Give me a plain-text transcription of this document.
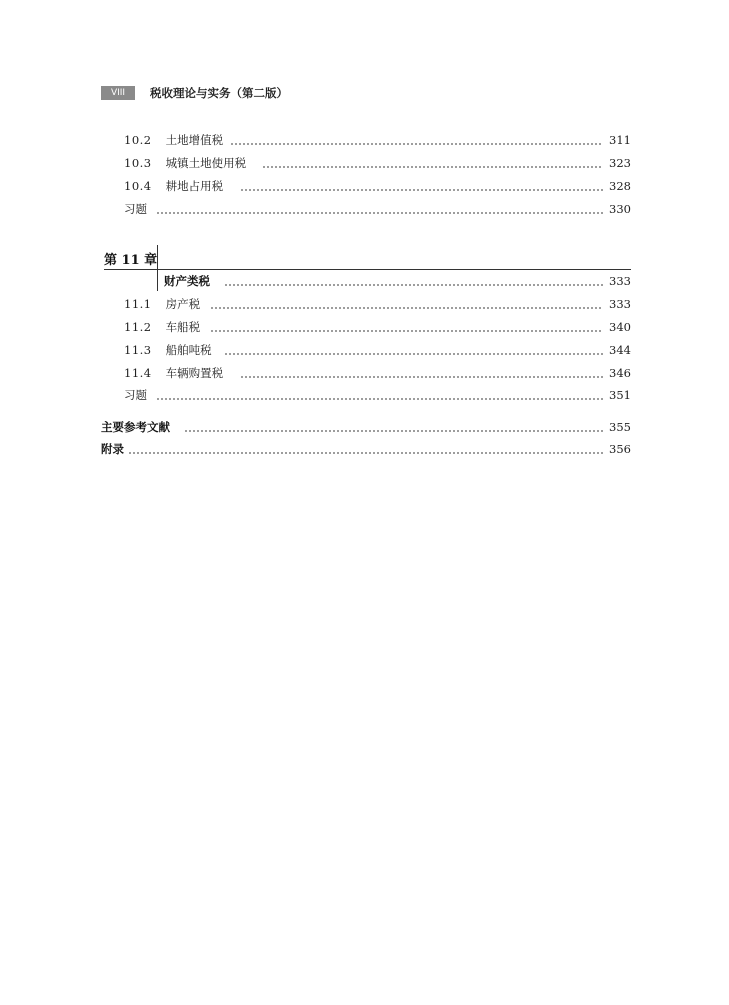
VIII	税收理论与实务（第二版）
10.2 土地增值税	311
10.3 城镇土地使用税	323
10.4 耕地占用税	328
习题	330
第 11 章
财产类税	333
11.1 房产税	333
11.2 车船税	340
11.3 船舶吨税	344
11.4 车辆购置税	346
习题	351
主要参考文献	355
附录	356
